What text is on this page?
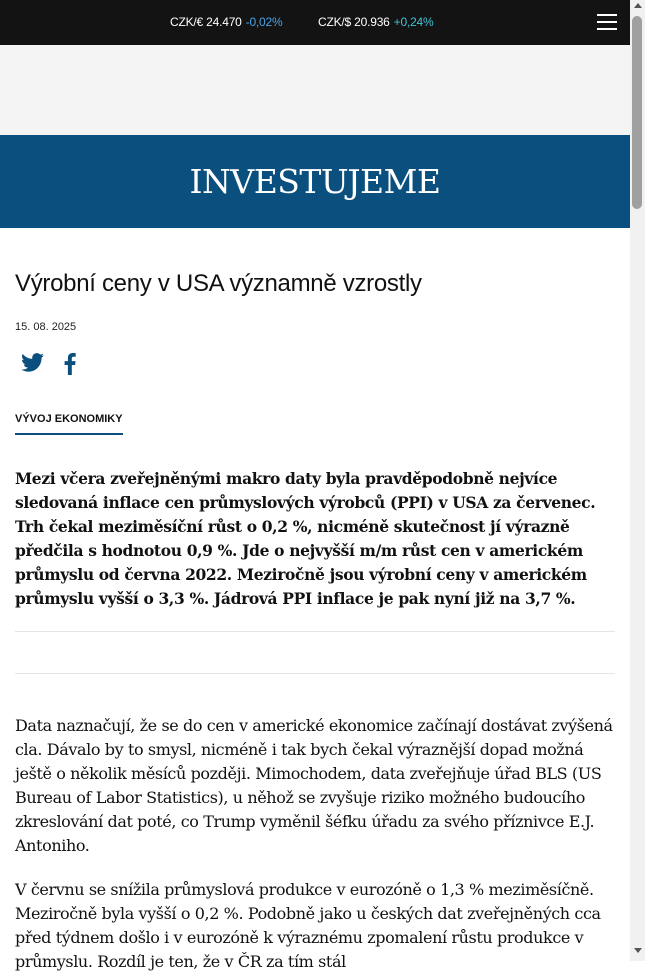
CZK/€ 24.470 -0,02%	CZK/$ 20.936 +0,24%
INVESTUJEME
Výrobní ceny v USA významně vzrostly
15. 08. 2025
VÝVOJ EKONOMIKY

Mezi včera zveřejněnými makro daty byla pravděpodobně nejvíce sledovaná inflace cen průmyslových výrobců (PPI) v USA za červenec. Trh čekal meziměsíční růst o 0,2 %, nicméně skutečnost jí výrazně předčila s hodnotou 0,9 %. Jde o nejvyšší m/m růst cen v americkém průmyslu od června 2022. Meziročně jsou výrobní ceny v americkém průmyslu vyšší o 3,3 %. Jádrová PPI inflace je pak nyní již na 3,7 %.

Data naznačují, že se do cen v americké ekonomice začínají dostávat zvýšená cla. Dávalo by to smysl, nicméně i tak bych čekal výraznější dopad možná ještě o několik měsíců později. Mimochodem, data zveřejňuje úřad BLS (US Bureau of Labor Statistics), u něhož se zvyšuje riziko možného budoucího zkreslování dat poté, co Trump vyměnil šéfku úřadu za svého příznivce E.J. Antoniho.

V červnu se snížila průmyslová produkce v eurozóně o 1,3 % meziměsíčně. Meziročně byla vyšší o 0,2 %. Podobně jako u českých dat zveřejněných cca před týdnem došlo i v eurozóně k výraznému zpomalení růstu produkce v průmyslu. Rozdíl je ten, že v ČR za tím stál
